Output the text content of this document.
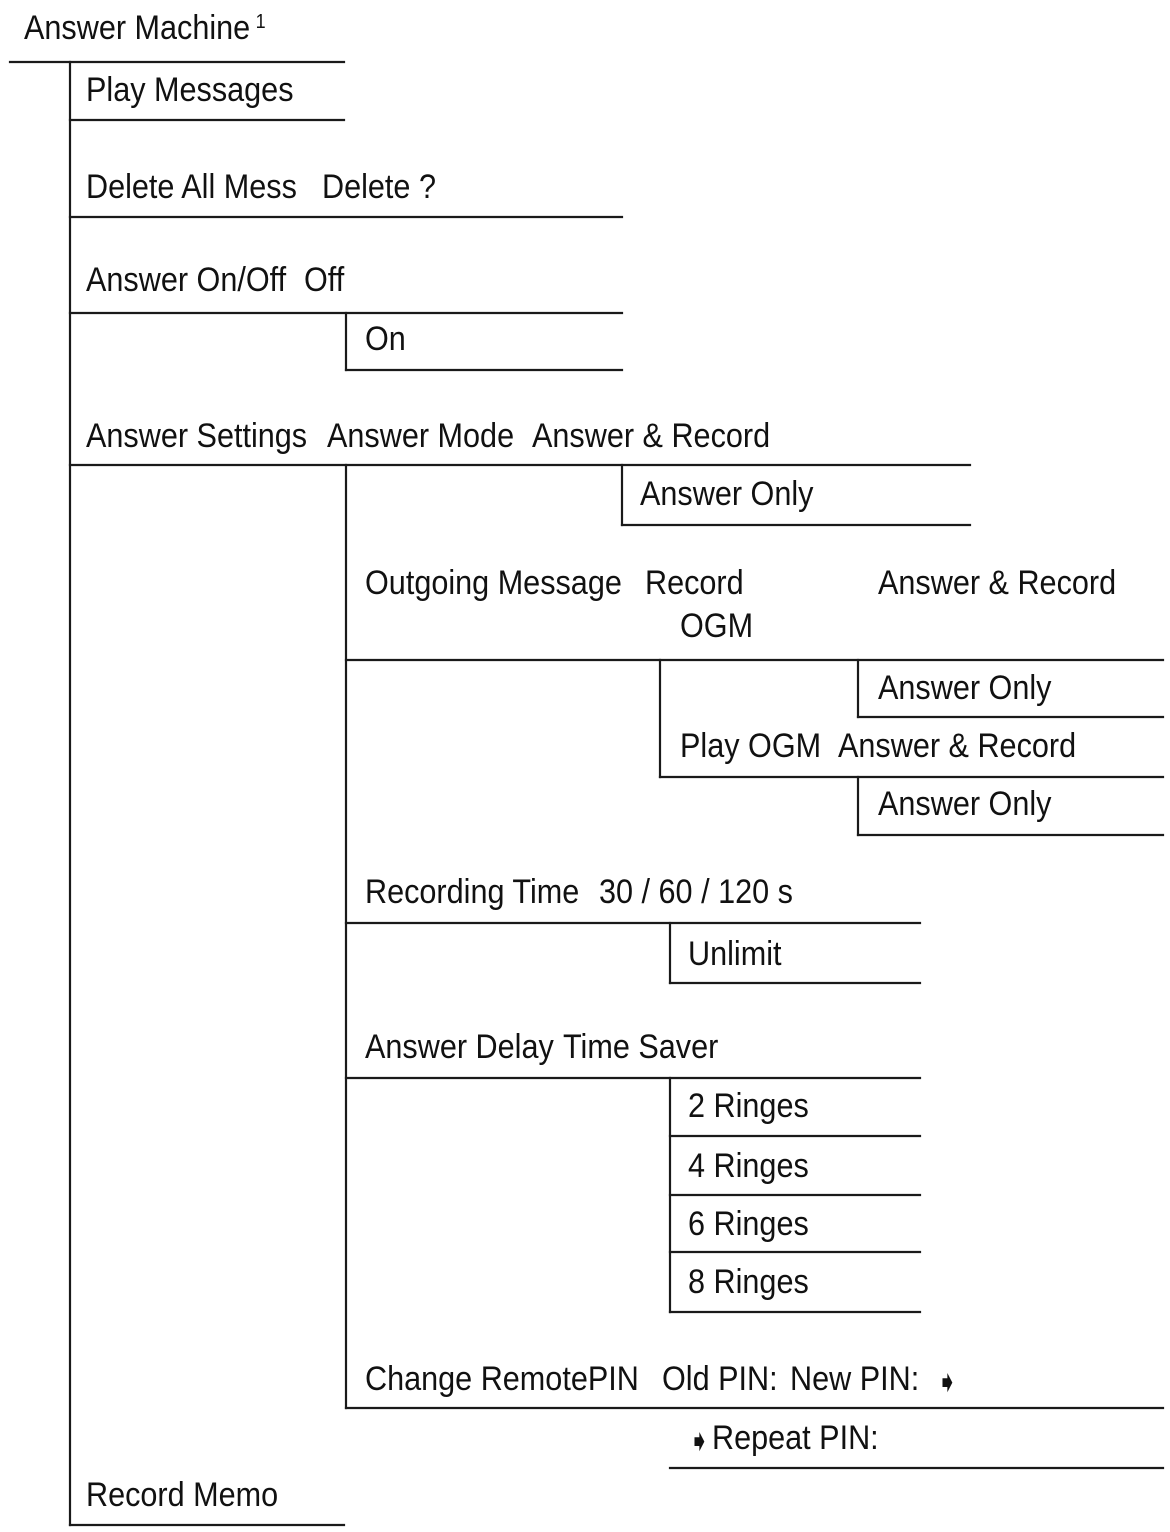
Answer Machine $^1$
Play Messages
Delete All Mess Delete ?
Answer On/Off Off
On
Answer Settings Answer Mode Answer & Record
Answer Only
Outgoing Message Record
OGM
Answer & Record
Answer Only
Play OGM Answer & Record
Answer Only
Recording Time 30 / 60 / 120 s
Unlimit
Answer Delay Time Saver
2 Ringes
4 Ringes
6 Ringes
8 Ringes
Change RemotePIN Old PIN: New PIN: ➧
➧ Repeat PIN:
Record Memo
